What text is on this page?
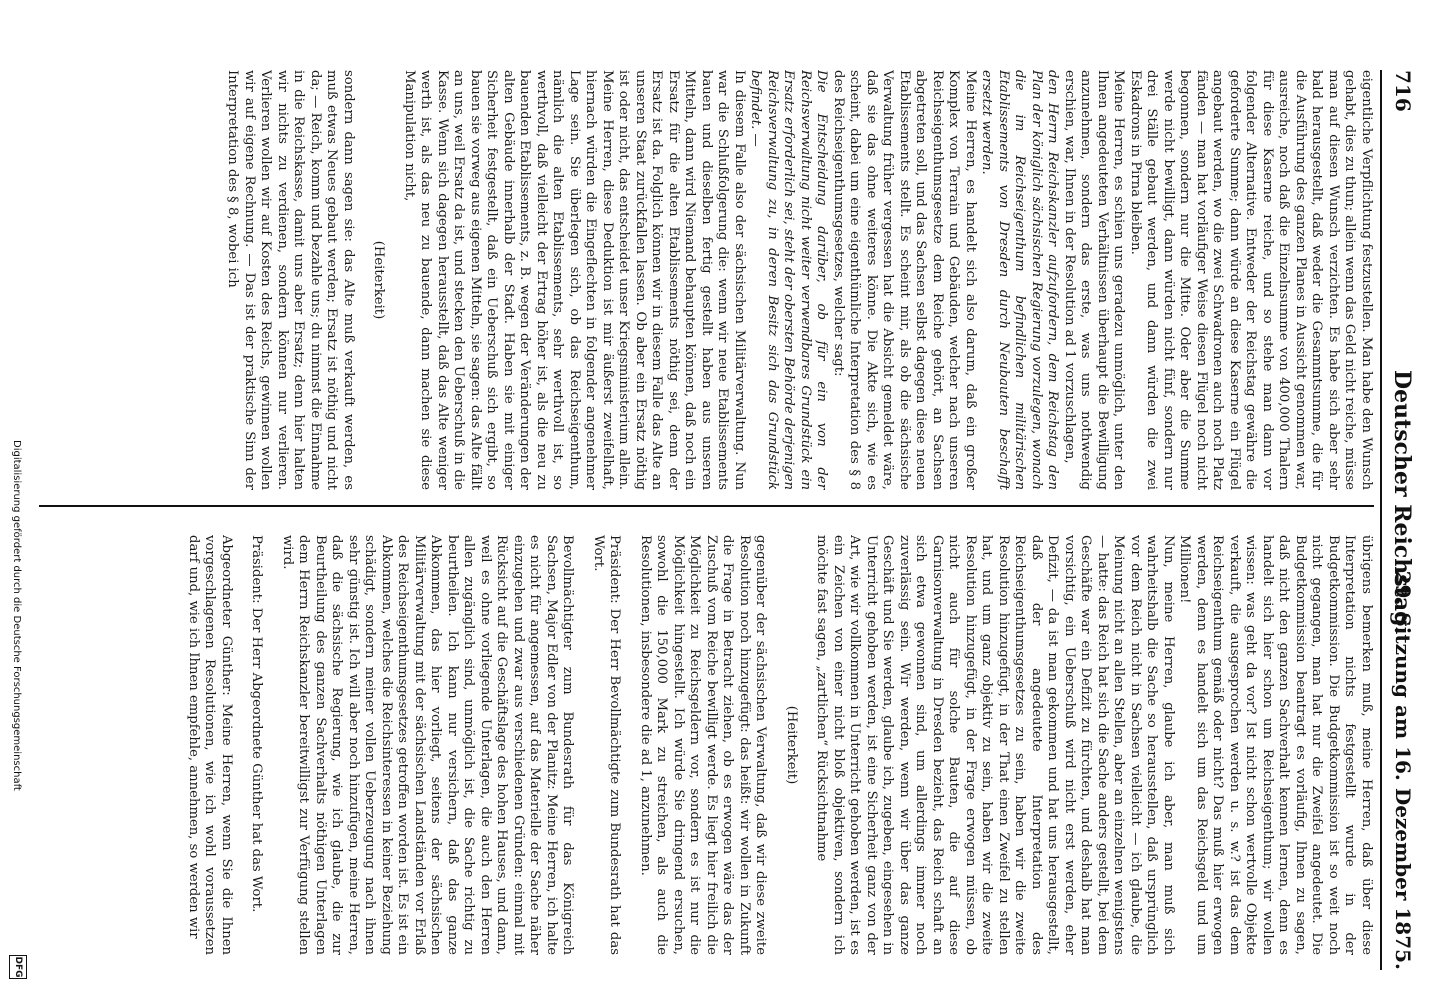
716
Deutscher Reichstag.
29. Sitzung am 16. Dezember 1875.

eigentliche Verpflichtung festzustellen. Man habe den Wunsch gehabt, dies zu thun; allein wenn das Geld nicht reiche, müsse man auf diesen Wunsch verzichten. Es habe sich aber sehr bald herausgestellt, daß weder die Gesammtsumme, die für die Ausführung des ganzen Planes in Aussicht genommen war, ausreiche, noch daß die Einzelnsumme von 400,000 Thalern für diese Kaserne reiche, und so stehe man dann vor folgender Alternative. Entweder der Reichstag gewähre die geforderte Summe; dann würde an diese Kaserne ein Flügel angebaut werden, wo die zwei Schwadronen auch noch Platz fänden — man hat vorläufiger Weise diesen Flügel noch nicht begonnen, sondern nur die Mitte. Oder aber die Summe werde nicht bewilligt, dann würden nicht fünf, sondern nur drei Ställe gebaut werden, und dann würden die zwei Eskadrons in Pirna bleiben.

Meine Herren, es schien uns geradezu unmöglich, unter den Ihnen angedeuteten Verhältnissen überhaupt die Bewilligung anzunehmen, sondern das erste, was uns nothwendig erschien, war, Ihnen in der Resolution ad 1 vorzuschlagen,

den Herrn Reichskanzler aufzufordern, dem Reichstag den Plan der königlich sächsischen Regierung vorzulegen, wonach die im Reichseigenthum befindlichen militärischen Etablissements von Dresden durch Neubauten beschafft ersetzt werden.

Meine Herren, es handelt sich also darum, daß ein großer Komplex von Terrain und Gebäuden, welcher nach unseren Reichseigenthumsgesetze dem Reiche gehört, an Sachsen abgetreten soll, und das Sachsen selbst dagegen diese neuen Etablissements stellt. Es scheint mir, als ob die sächsische Verwaltung früher vergessen hat die Absicht gemeldet wäre, daß sie das ohne weiteres könne. Die Akte sich, wie es scheint, dabei um eine eigenthümliche Interpretation des § 8 des Reichseigenthumsgesetzes, welcher sagt:

Die Entscheidung darüber, ob für ein von der Reichsverwaltung nicht weiter verwendbares Grundstück ein Ersatz erforderlich sei, steht der obersten Behörde derjenigen Reichsverwaltung zu, in deren Besitz sich das Grundstück befindet. —

In diesem Falle also der sächsischen Militärverwaltung. Nun war die Schlußfolgerung die: wenn wir neue Etablissements bauen und dieselben fertig gestellt haben aus unseren Mitteln, dann wird Niemand behaupten können, daß noch ein Ersatz für die alten Etablissements nöthig sei, denn der Ersatz ist da. Folglich können wir in diesem Falle das Alte an unseren Staat zurückfallen lassen. Ob aber ein Ersatz nöthig ist oder nicht, das entscheidet unser Kriegsministerium allein. Meine Herren, diese Deduktion ist mir äußerst zweifelhaft, hiernach würden die Eingeflechten in folgender angenehmer Lage sein. Sie überlegen sich, ob das Reichseigenthum, nämlich die alten Etablissements, sehr werthvoll ist, so werthvoll, daß vielleicht der Ertrag höher ist, als die neu zu bauenden Etablissements, z. B. wegen der Veränderungen der alten Gebäude innerhalb der Stadt. Haben sie mit einiger Sicherheit festgestellt, daß ein Ueberschuß sich ergibt, so bauen sie vorweg aus eigenen Mitteln, sie sagen: das Alte fällt an uns, weil Ersatz da ist, und stecken den Ueberschuß in die Kasse. Wenn sich dagegen herausstellt, daß das Alte weniger werth ist, als das neu zu bauende, dann machen sie diese Manipulation nicht,

(Heiterkeit)

sondern dann sagen sie: das Alte muß verkauft werden, es muß etwas Neues gebaut werden; Ersatz ist nöthig und nicht da; — Reich, komm und bezahle uns; du nimmst die Einnahme in die Reichskasse, damit uns aber Ersatz; denn hier halten wir nichts zu verdienen, sondern können nur verlieren. Verlieren wollen wir auf Kosten des Reichs, gewinnen wollen wir auf eigene Rechnung. — Das ist der praktische Sinn der Interpretation des § 8, wobei ich

übrigens bemerken muß, meine Herren, daß über diese Interpretation nichts festgestellt wurde in der Budgetkommission. Die Budgetkommission ist so weit noch nicht gegangen, man hat nur die Zweifel angedeutet. Die Budgetkommission beantragt es vorläufig, Ihnen zu sagen, daß nicht den ganzen Sachverhalt kennen lernen, denn es handelt sich hier schon um Reichseigenthum; wir wollen wissen: was geht da vor? Ist nicht schon wertvolle Objekte verkauft, die ausgesprochen werden u. s. w.? ist das dem Reichseigenthum gemäß oder nicht? Das muß hier erwogen werden, denn es handelt sich um das Reichsgeld und um Millionen!

Nun, meine Herren, glaube ich aber, man muß sich wahrheitshalb die Sache so herausstellen, daß ursprünglich vor dem Reich nicht in Sachsen vielleicht — ich glaube, die Meinung nicht an allen Stellen, aber an einzelnen wenigstens — hatte: das Reich hat sich die Sache anders gestellt, bei dem Geschäfte war ein Defizit zu fürchten, und deshalb hat man vorsichtig, ein Ueberschuß wird nicht erst werden, eher Defizit, — da ist man gekommen und hat uns herausgestellt, daß der angedeutete Interpretation des Reichseigenthumsgesetzes zu sein, haben wir die zweite Resolution hinzugefügt, in der That einen Zweifel zu stellen hat, und um ganz objektiv zu sein, haben wir die zweite Resolution hinzugefügt, in der Frage erwogen müssen, ob nicht auch für solche Bauten, die auf diese Garnisonverwaltung in Dresden bezieht, das Reich schaft an sich etwa gewonnen sind, um allerdings immer noch zuverlässig sein. Wir werden, wenn wir über das ganze Geschäft und Sie werden, glaube ich, zugeben, eingesehen in Unterricht gehoben werden, ist eine Sicherheit ganz von der Art, wie wir vollkommen in Unterricht gehoben werden, ist es ein Zeichen von einer nicht bloß objektiven, sondern ich möchte fast sagen, „zartlichen“ Rücksichtnahme

(Heiterkeit)

gegenüber der sächsischen Verwaltung, daß wir diese zweite Resolution noch hinzugefügt: das heißt: wir wollen in Zukunft die Frage in Betracht ziehen, ob es erwogen wäre das der Zuschuß vom Reiche bewilligt werde. Es liegt hier freilich die Möglichkeit zu Reichsgeldern vor, sondern es ist nur die Möglichkeit hingestellt. Ich würde Sie dringend ersuchen, sowohl die 150,000 Mark zu streichen, als auch die Resolutionen, insbesondere die ad 1, anzunehmen.

Präsident: Der Herr Bevollmächtigte zum Bundesrath hat das Wort.

Bevollmächtigter zum Bundesrath für das Königreich Sachsen, Major Edler von der Planitz: Meine Herren, ich halte es nicht für angemessen, auf das Materielle der Sache näher einzugehen und zwar aus verschiedenen Gründen: einmal mit Rücksicht auf die Geschäftslage des hohen Hauses, und dann, weil es ohne vorliegende Unterlagen, die auch den Herren allen zugänglich sind, unmöglich ist, die Sache richtig zu beurtheilen. Ich kann nur versichern, daß das ganze Abkommen, das hier vorliegt, seitens der sächsischen Militärverwaltung mit der sächsischen Landständen vor Erlaß des Reichseigenthumsgesetzes getroffen worden ist. Es ist ein Abkommen, welches die Reichsinteressen in keiner Beziehung schädigt, sondern meiner vollen Ueberzeugung nach ihnen sehr günstig ist. Ich will aber noch hinzufügen, meine Herren, daß die sächsische Regierung, wie ich glaube, die zur Beurtheilung des ganzen Sachverhalts nöthigen Unterlagen dem Herrn Reichskanzler bereitwilligst zur Verfügung stellen wird.

Präsident: Der Herr Abgeordnete Günther hat das Wort.

Abgeordneter Günther: Meine Herren, wenn Sie die Ihnen vorgeschlagenen Resolutionen, wie ich wohl voraussetzen darf und, wie ich Ihnen empfehle, annehmen, so werden wir

Digitalisierung gefördert durch die Deutsche Forschungsgemeinschaft
DFG
